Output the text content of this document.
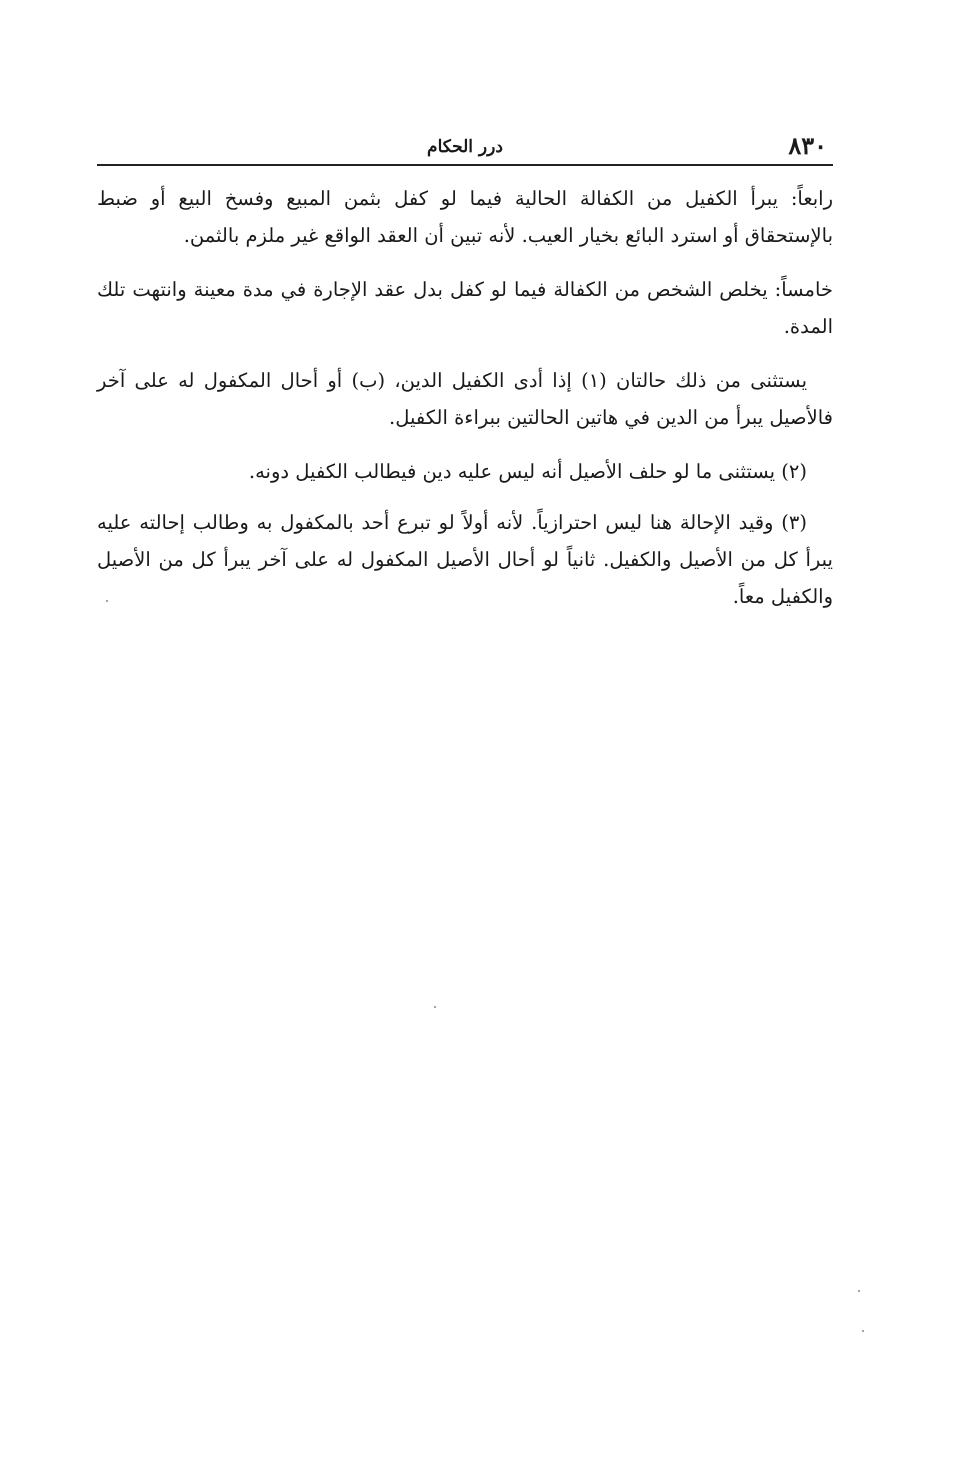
٨٣٠
درر الحكام

رابعاً: يبرأ الكفيل من الكفالة الحالية فيما لو كفل بثمن المبيع وفسخ البيع أو ضبط بالإستحقاق أو استرد البائع بخيار العيب. لأنه تبين أن العقد الواقع غير ملزم بالثمن.

خامساً: يخلص الشخص من الكفالة فيما لو كفل بدل عقد الإجارة في مدة معينة وانتهت تلك المدة.

يستثنى من ذلك حالتان (١) إذا أدى الكفيل الدين، (ب) أو أحال المكفول له على آخر فالأصيل يبرأ من الدين في هاتين الحالتين ببراءة الكفيل.

(٢) يستثنى ما لو حلف الأصيل أنه ليس عليه دين فيطالب الكفيل دونه.

(٣) وقيد الإحالة هنا ليس احترازياً. لأنه أولاً لو تبرع أحد بالمكفول به وطالب إحالته عليه يبرأ كل من الأصيل والكفيل. ثانياً لو أحال الأصيل المكفول له على آخر يبرأ كل من الأصيل والكفيل معاً.
